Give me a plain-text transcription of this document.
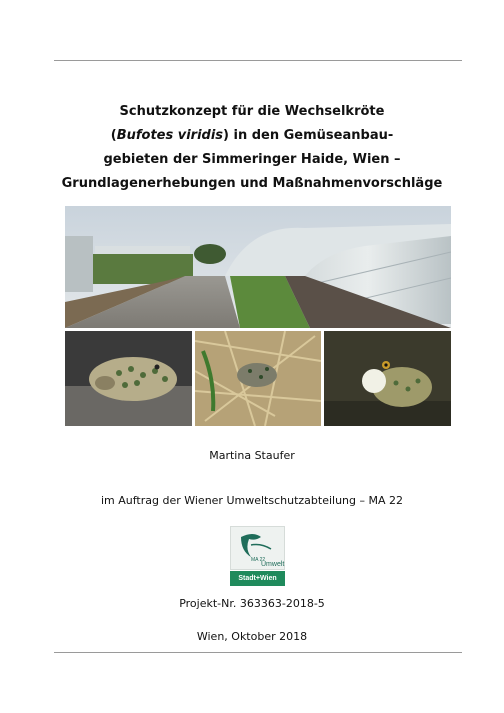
Schutzkonzept für die Wechselkröte
(Bufotes viridis) in den Gemüseanbau-
gebieten der Simmeringer Haide, Wien –
Grundlagenerhebungen und Maßnahmenvorschläge
Martina Staufer
im Auftrag der Wiener Umweltschutzabteilung – MA 22
MA 22
Umwelt
Stadt+Wien
Projekt-Nr. 363363-2018-5
Wien, Oktober 2018
